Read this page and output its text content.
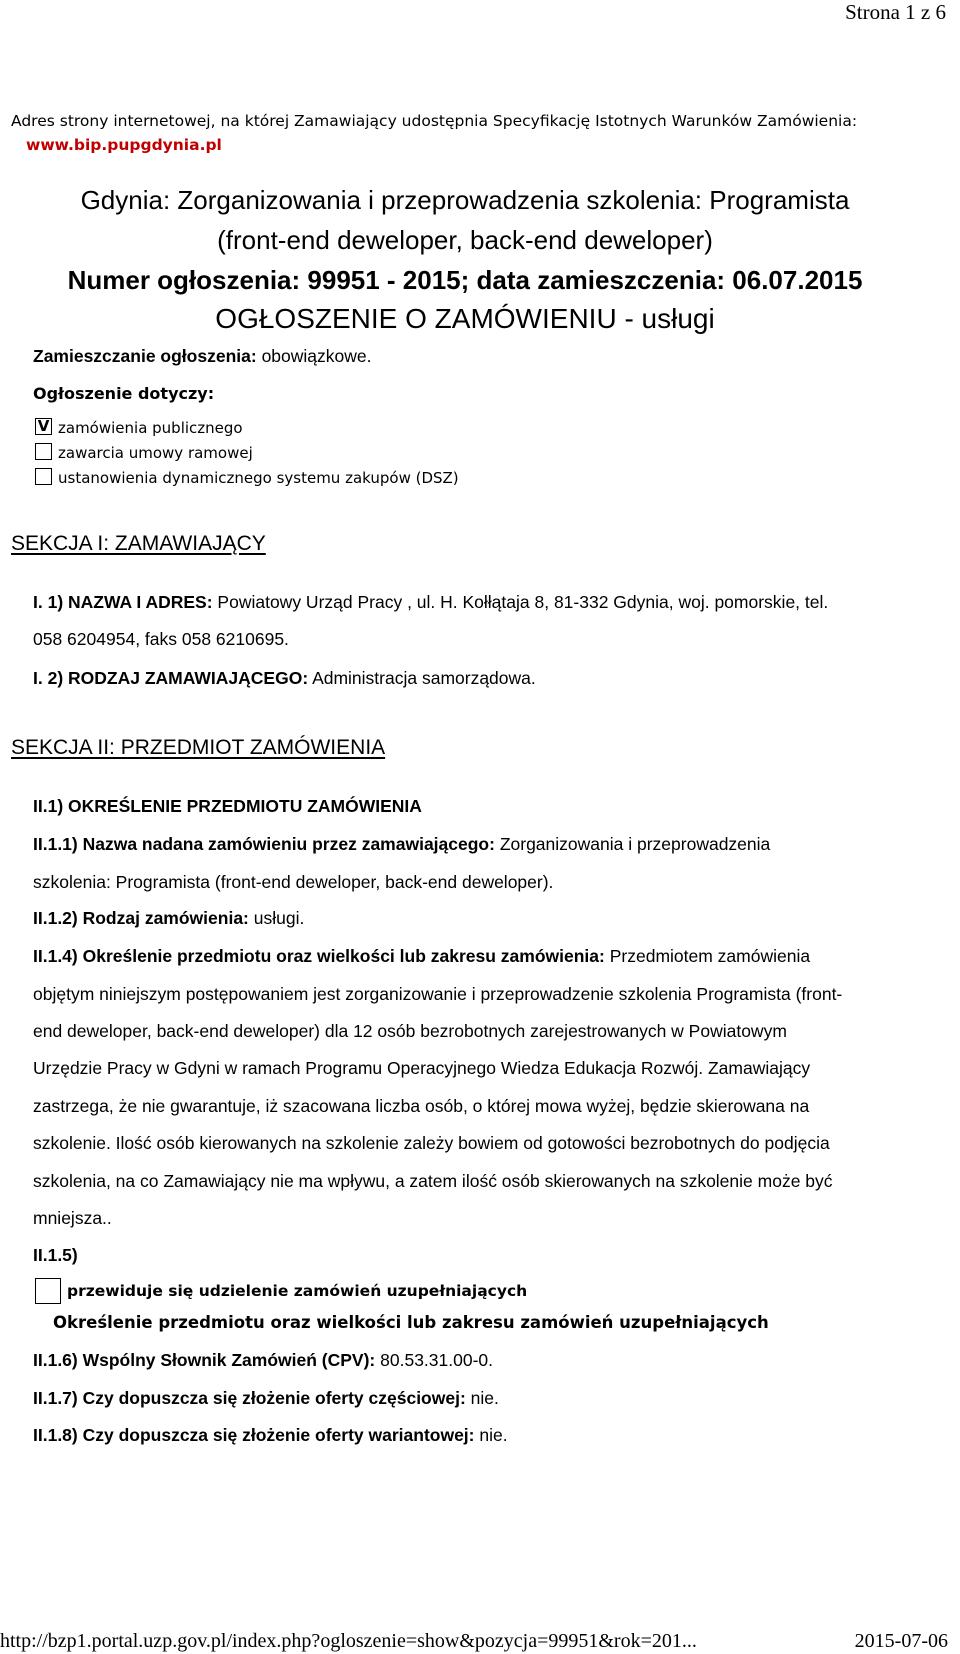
Strona 1 z 6
Adres strony internetowej, na której Zamawiający udostępnia Specyfikację Istotnych Warunków Zamówienia:
www.bip.pupgdynia.pl
Gdynia: Zorganizowania i przeprowadzenia szkolenia: Programista
(front-end deweloper, back-end deweloper)
Numer ogłoszenia: 99951 - 2015; data zamieszczenia: 06.07.2015
OGŁOSZENIE O ZAMÓWIENIU - usługi
Zamieszczanie ogłoszenia: obowiązkowe.
Ogłoszenie dotyczy:
V zamówienia publicznego
zawarcia umowy ramowej
ustanowienia dynamicznego systemu zakupów (DSZ)
SEKCJA I: ZAMAWIAJĄCY
I. 1) NAZWA I ADRES: Powiatowy Urząd Pracy , ul. H. Kołłątaja 8, 81-332 Gdynia, woj. pomorskie, tel.
058 6204954, faks 058 6210695.
I. 2) RODZAJ ZAMAWIAJĄCEGO: Administracja samorządowa.
SEKCJA II: PRZEDMIOT ZAMÓWIENIA
II.1) OKREŚLENIE PRZEDMIOTU ZAMÓWIENIA
II.1.1) Nazwa nadana zamówieniu przez zamawiającego: Zorganizowania i przeprowadzenia
szkolenia: Programista (front-end deweloper, back-end deweloper).
II.1.2) Rodzaj zamówienia: usługi.
II.1.4) Określenie przedmiotu oraz wielkości lub zakresu zamówienia: Przedmiotem zamówienia
objętym niniejszym postępowaniem jest zorganizowanie i przeprowadzenie szkolenia Programista (front-
end deweloper, back-end deweloper) dla 12 osób bezrobotnych zarejestrowanych w Powiatowym
Urzędzie Pracy w Gdyni w ramach Programu Operacyjnego Wiedza Edukacja Rozwój. Zamawiający
zastrzega, że nie gwarantuje, iż szacowana liczba osób, o której mowa wyżej, będzie skierowana na
szkolenie. Ilość osób kierowanych na szkolenie zależy bowiem od gotowości bezrobotnych do podjęcia
szkolenia, na co Zamawiający nie ma wpływu, a zatem ilość osób skierowanych na szkolenie może być
mniejsza..
II.1.5)
przewiduje się udzielenie zamówień uzupełniających
Określenie przedmiotu oraz wielkości lub zakresu zamówień uzupełniających
II.1.6) Wspólny Słownik Zamówień (CPV): 80.53.31.00-0.
II.1.7) Czy dopuszcza się złożenie oferty częściowej: nie.
II.1.8) Czy dopuszcza się złożenie oferty wariantowej: nie.
http://bzp1.portal.uzp.gov.pl/index.php?ogloszenie=show&pozycja=99951&rok=201...	2015-07-06
